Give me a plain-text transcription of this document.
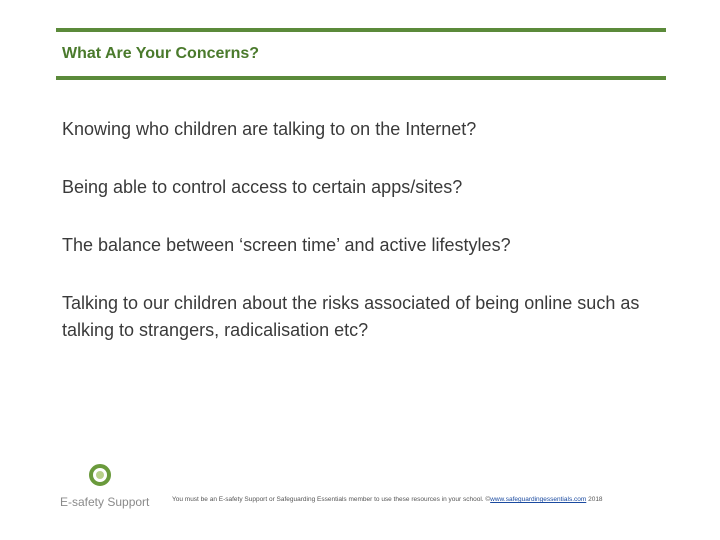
What Are Your Concerns?

Knowing who children are talking to on the Internet?

Being able to control access to certain apps/sites?

The balance between ‘screen time’ and active lifestyles?

Talking to our children about the risks associated of being online such as talking to strangers, radicalisation etc?

E-safety Support	You must be an E-safety Support or Safeguarding Essentials member to use these resources in your school. ©www.safeguardingessentials.com 2018
